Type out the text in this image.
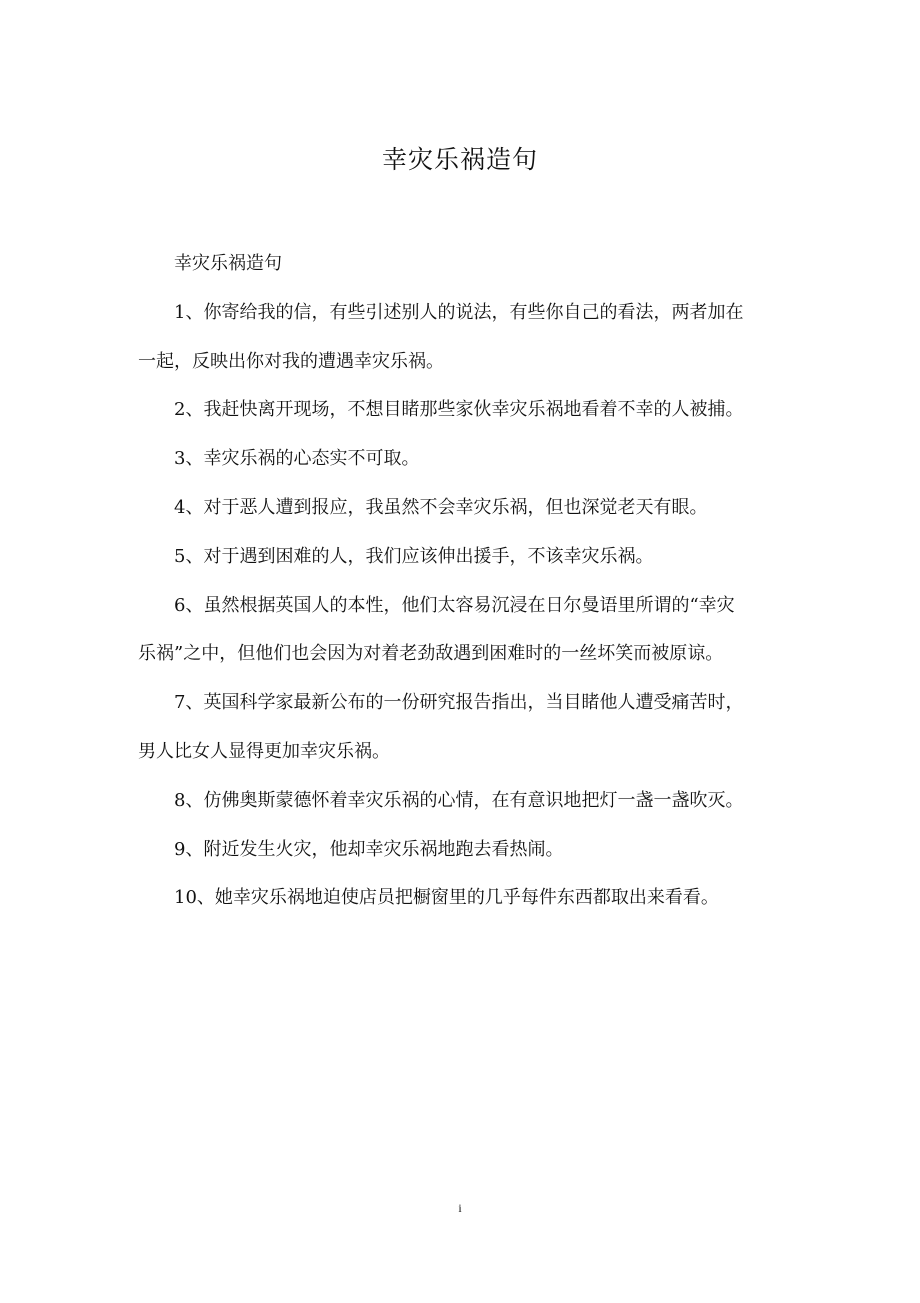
幸灾乐祸造句

幸灾乐祸造句

1、你寄给我的信，有些引述别人的说法，有些你自己的看法，两者加在一起，反映出你对我的遭遇幸灾乐祸。

2、我赶快离开现场，不想目睹那些家伙幸灾乐祸地看着不幸的人被捕。

3、幸灾乐祸的心态实不可取。

4、对于恶人遭到报应，我虽然不会幸灾乐祸，但也深觉老天有眼。

5、对于遇到困难的人，我们应该伸出援手，不该幸灾乐祸。

6、虽然根据英国人的本性，他们太容易沉浸在日尔曼语里所谓的“幸灾乐祸”之中，但他们也会因为对着老劲敌遇到困难时的一丝坏笑而被原谅。

7、英国科学家最新公布的一份研究报告指出，当目睹他人遭受痛苦时，男人比女人显得更加幸灾乐祸。

8、仿佛奥斯蒙德怀着幸灾乐祸的心情，在有意识地把灯一盏一盏吹灭。

9、附近发生火灾，他却幸灾乐祸地跑去看热闹。

10、她幸灾乐祸地迫使店员把橱窗里的几乎每件东西都取出来看看。

i
